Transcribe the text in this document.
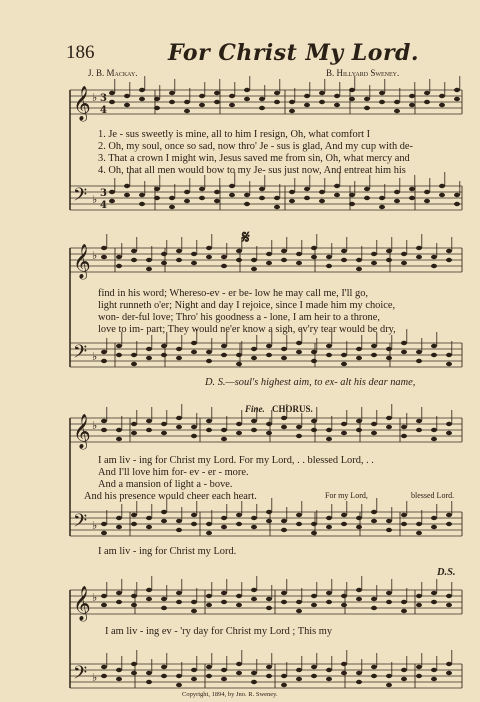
𝄞
𝄢
𝄞
𝄢
𝄞
𝄢
𝄞
𝄢
♭ 3
4
♭ 3
4
♭
♭
♭
♭
♭
♭
186	For Christ My Lord.
J. B. Mackay.	B. Hillyard Sweney.
1. Je - sus sweetly is mine, all to him I resign, Oh, what comfort I
2. Oh, my soul, once so sad, now thro' Je - sus is glad, And my cup with de-
3. That a crown I might win, Jesus saved me from sin, Oh, what mercy and
4. Oh, that all men would bow to my Je- sus just now, And entreat him his
𝄋
find in his word; Whereso-ev - er be- low he may call me, I'll go,
light runneth o'er; Night and day I rejoice, since I made him my choice,
won- der-ful love; Thro' his goodness a - lone, I am heir to a throne,
love to im- part; They would ne'er know a sigh, ev'ry tear would be dry,
D. S.—soul's highest aim, to ex- alt his dear name,
Fine. CHORUS.
I am liv - ing for Christ my Lord. For my Lord, . . blessed Lord, . .
And I'll love him for- ev - er - more.
And a mansion of light a - bove.
And his presence would cheer each heart.	For my Lord,	blessed Lord.
I am liv - ing for Christ my Lord.
D.S.
I am liv - ing ev - 'ry day for Christ my Lord ; This my
Copyright, 1894, by Jno. R. Sweney.
